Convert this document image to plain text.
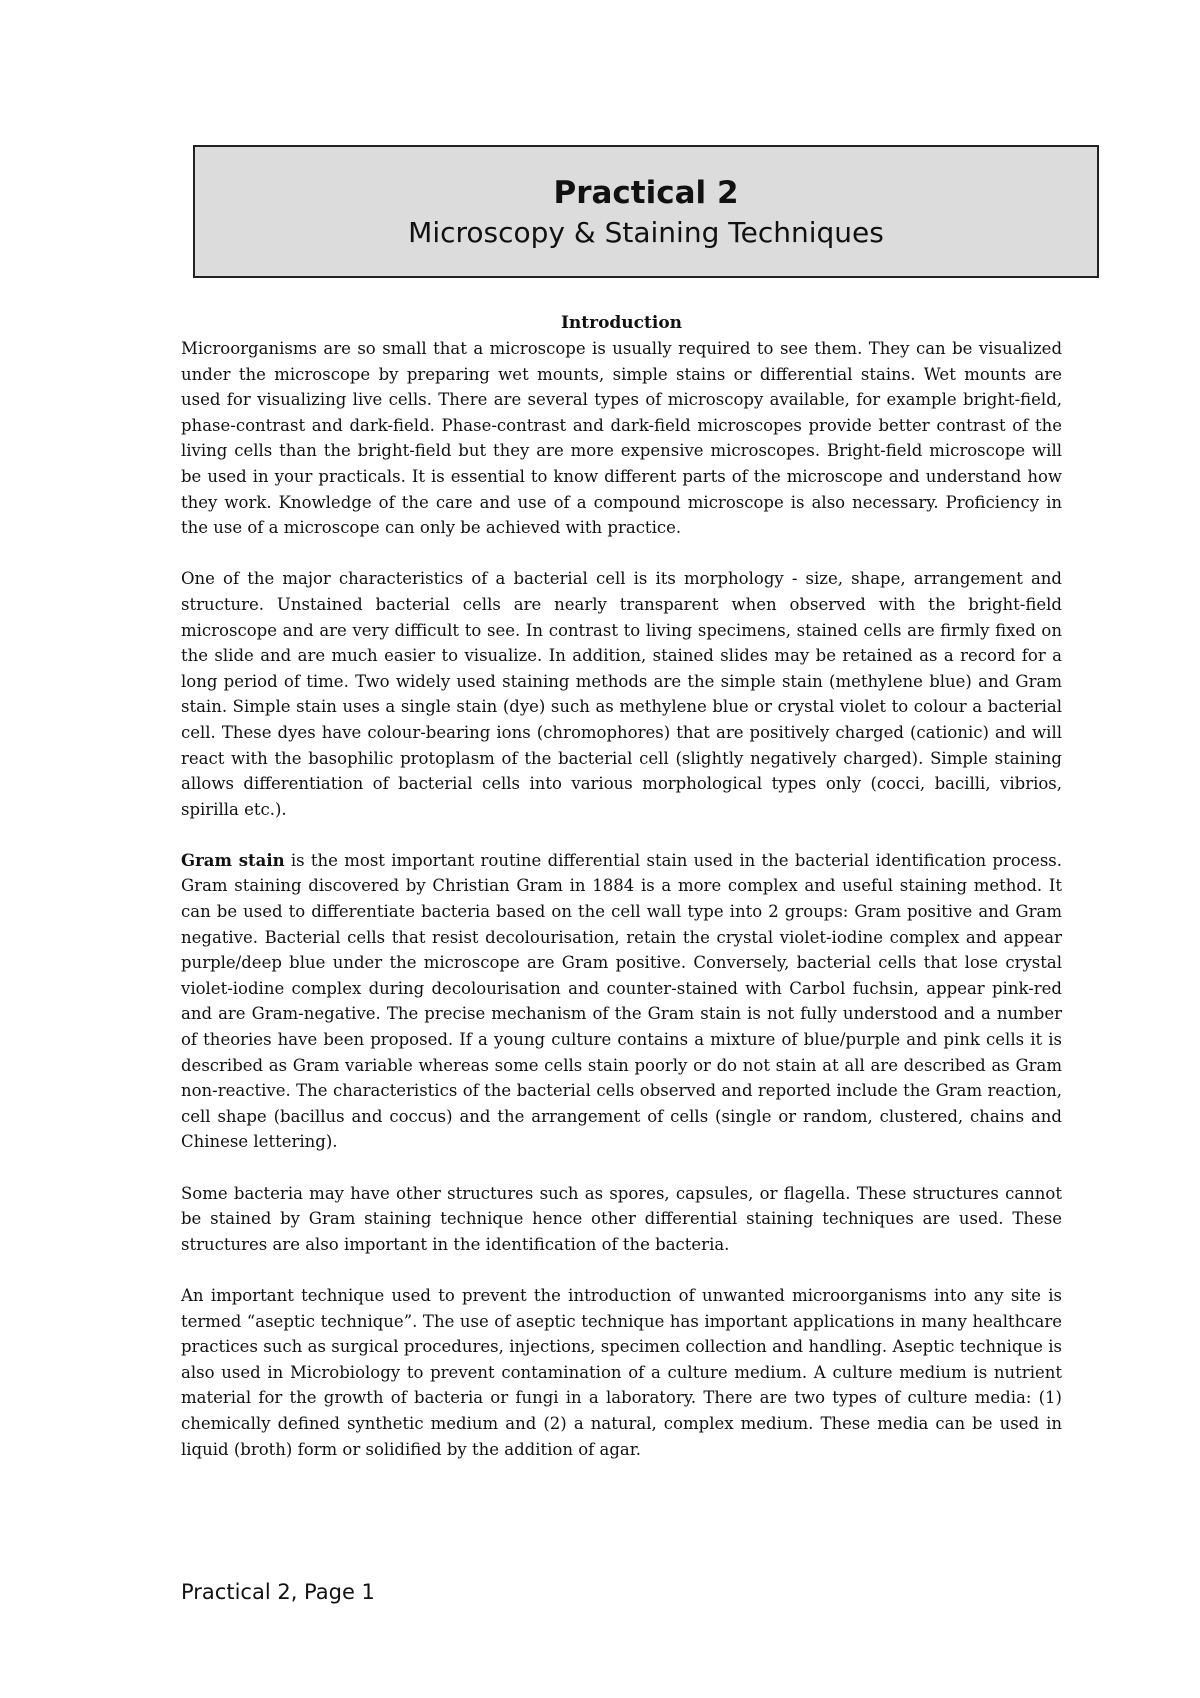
Practical 2
Microscopy & Staining Techniques
Introduction

Microorganisms are so small that a microscope is usually required to see them. They can be visualized under the microscope by preparing wet mounts, simple stains or differential stains. Wet mounts are used for visualizing live cells. There are several types of microscopy available, for example bright-field, phase-contrast and dark-field. Phase-contrast and dark-field microscopes provide better contrast of the living cells than the bright-field but they are more expensive microscopes. Bright-field microscope will be used in your practicals. It is essential to know different parts of the microscope and understand how they work. Knowledge of the care and use of a compound microscope is also necessary. Proficiency in the use of a microscope can only be achieved with practice.

One of the major characteristics of a bacterial cell is its morphology - size, shape, arrangement and structure. Unstained bacterial cells are nearly transparent when observed with the bright-field microscope and are very difficult to see. In contrast to living specimens, stained cells are firmly fixed on the slide and are much easier to visualize. In addition, stained slides may be retained as a record for a long period of time. Two widely used staining methods are the simple stain (methylene blue) and Gram stain. Simple stain uses a single stain (dye) such as methylene blue or crystal violet to colour a bacterial cell. These dyes have colour-bearing ions (chromophores) that are positively charged (cationic) and will react with the basophilic protoplasm of the bacterial cell (slightly negatively charged). Simple staining allows differentiation of bacterial cells into various morphological types only (cocci, bacilli, vibrios, spirilla etc.).

Gram stain is the most important routine differential stain used in the bacterial identification process. Gram staining discovered by Christian Gram in 1884 is a more complex and useful staining method. It can be used to differentiate bacteria based on the cell wall type into 2 groups: Gram positive and Gram negative. Bacterial cells that resist decolourisation, retain the crystal violet-iodine complex and appear purple/deep blue under the microscope are Gram positive. Conversely, bacterial cells that lose crystal violet-iodine complex during decolourisation and counter-stained with Carbol fuchsin, appear pink-red and are Gram-negative. The precise mechanism of the Gram stain is not fully understood and a number of theories have been proposed. If a young culture contains a mixture of blue/purple and pink cells it is described as Gram variable whereas some cells stain poorly or do not stain at all are described as Gram non-reactive. The characteristics of the bacterial cells observed and reported include the Gram reaction, cell shape (bacillus and coccus) and the arrangement of cells (single or random, clustered, chains and Chinese lettering).

Some bacteria may have other structures such as spores, capsules, or flagella. These structures cannot be stained by Gram staining technique hence other differential staining techniques are used. These structures are also important in the identification of the bacteria.

An important technique used to prevent the introduction of unwanted microorganisms into any site is termed “aseptic technique”. The use of aseptic technique has important applications in many healthcare practices such as surgical procedures, injections, specimen collection and handling. Aseptic technique is also used in Microbiology to prevent contamination of a culture medium. A culture medium is nutrient material for the growth of bacteria or fungi in a laboratory. There are two types of culture media: (1) chemically defined synthetic medium and (2) a natural, complex medium. These media can be used in liquid (broth) form or solidified by the addition of agar.

Practical 2, Page 1
